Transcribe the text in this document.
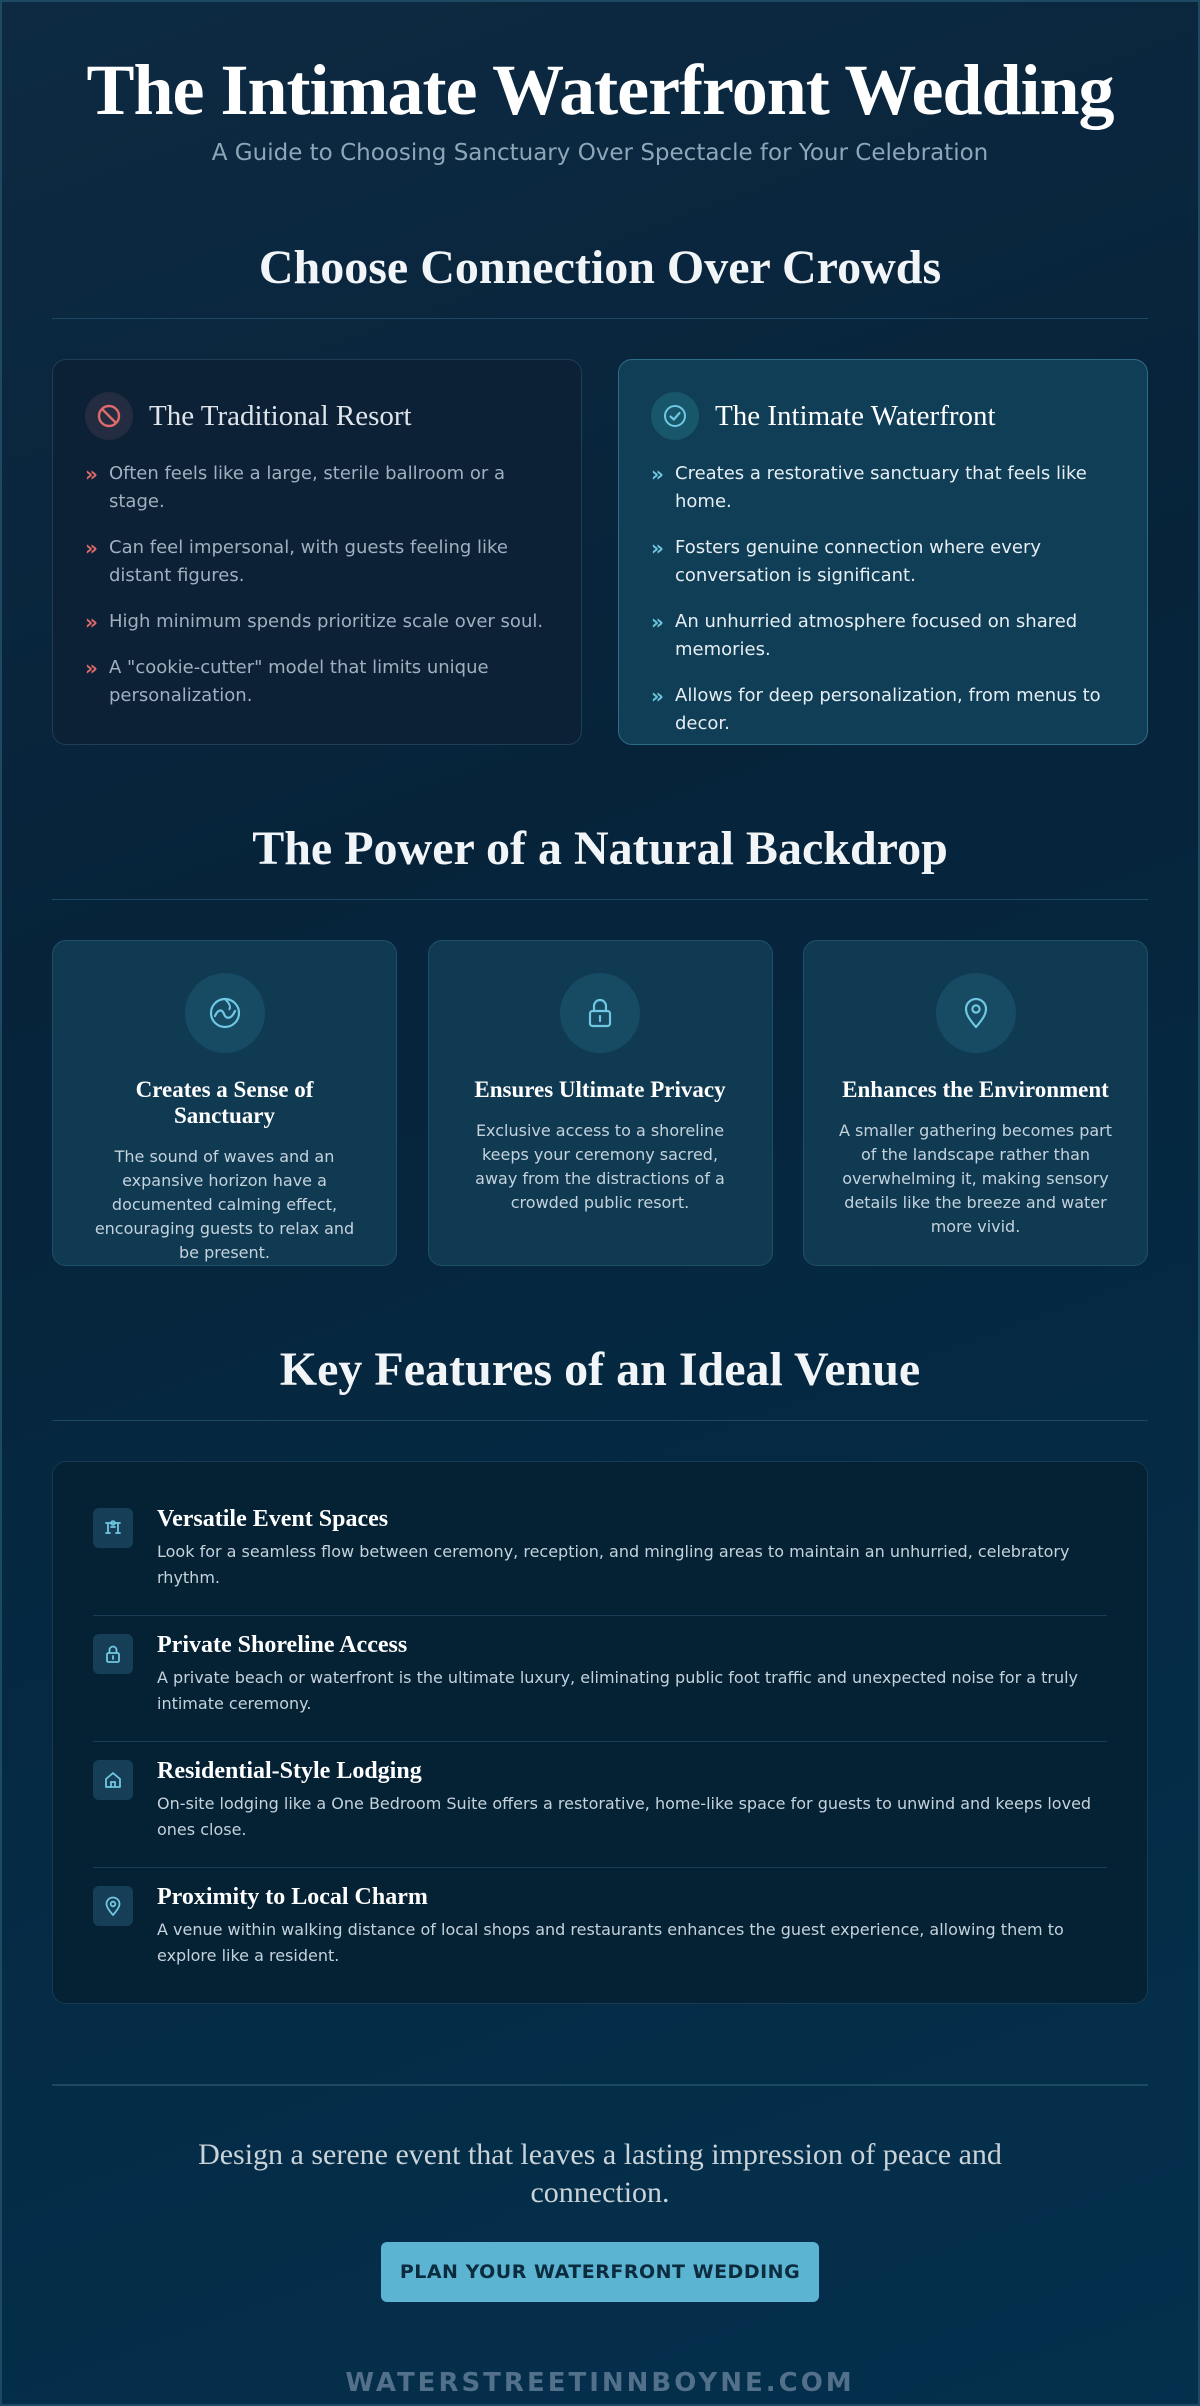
The Intimate Waterfront Wedding

A Guide to Choosing Sanctuary Over Spectacle for Your Celebration

Choose Connection Over Crowds
The Traditional Resort
» Often feels like a large, sterile ballroom or a stage.
» Can feel impersonal, with guests feeling like distant figures.
» High minimum spends prioritize scale over soul.
» A "cookie-cutter" model that limits unique personalization.
The Intimate Waterfront
» Creates a restorative sanctuary that feels like home.
» Fosters genuine connection where every conversation is significant.
» An unhurried atmosphere focused on shared memories.
» Allows for deep personalization, from menus to decor.
The Power of a Natural Backdrop
Creates a Sense of Sanctuary

The sound of waves and an expansive horizon have a documented calming effect, encouraging guests to relax and be present.

Ensures Ultimate Privacy

Exclusive access to a shoreline keeps your ceremony sacred, away from the distractions of a crowded public resort.

Enhances the Environment

A smaller gathering becomes part of the landscape rather than overwhelming it, making sensory details like the breeze and water more vivid.

Key Features of an Ideal Venue
Versatile Event Spaces

Look for a seamless flow between ceremony, reception, and mingling areas to maintain an unhurried, celebratory rhythm.

Private Shoreline Access

A private beach or waterfront is the ultimate luxury, eliminating public foot traffic and unexpected noise for a truly intimate ceremony.

Residential-Style Lodging

On-site lodging like a One Bedroom Suite offers a restorative, home-like space for guests to unwind and keeps loved ones close.

Proximity to Local Charm

A venue within walking distance of local shops and restaurants enhances the guest experience, allowing them to explore like a resident.

Design a serene event that leaves a lasting impression of peace and connection.

PLAN YOUR WATERFRONT WEDDING
WATERSTREETINNBOYNE.COM
